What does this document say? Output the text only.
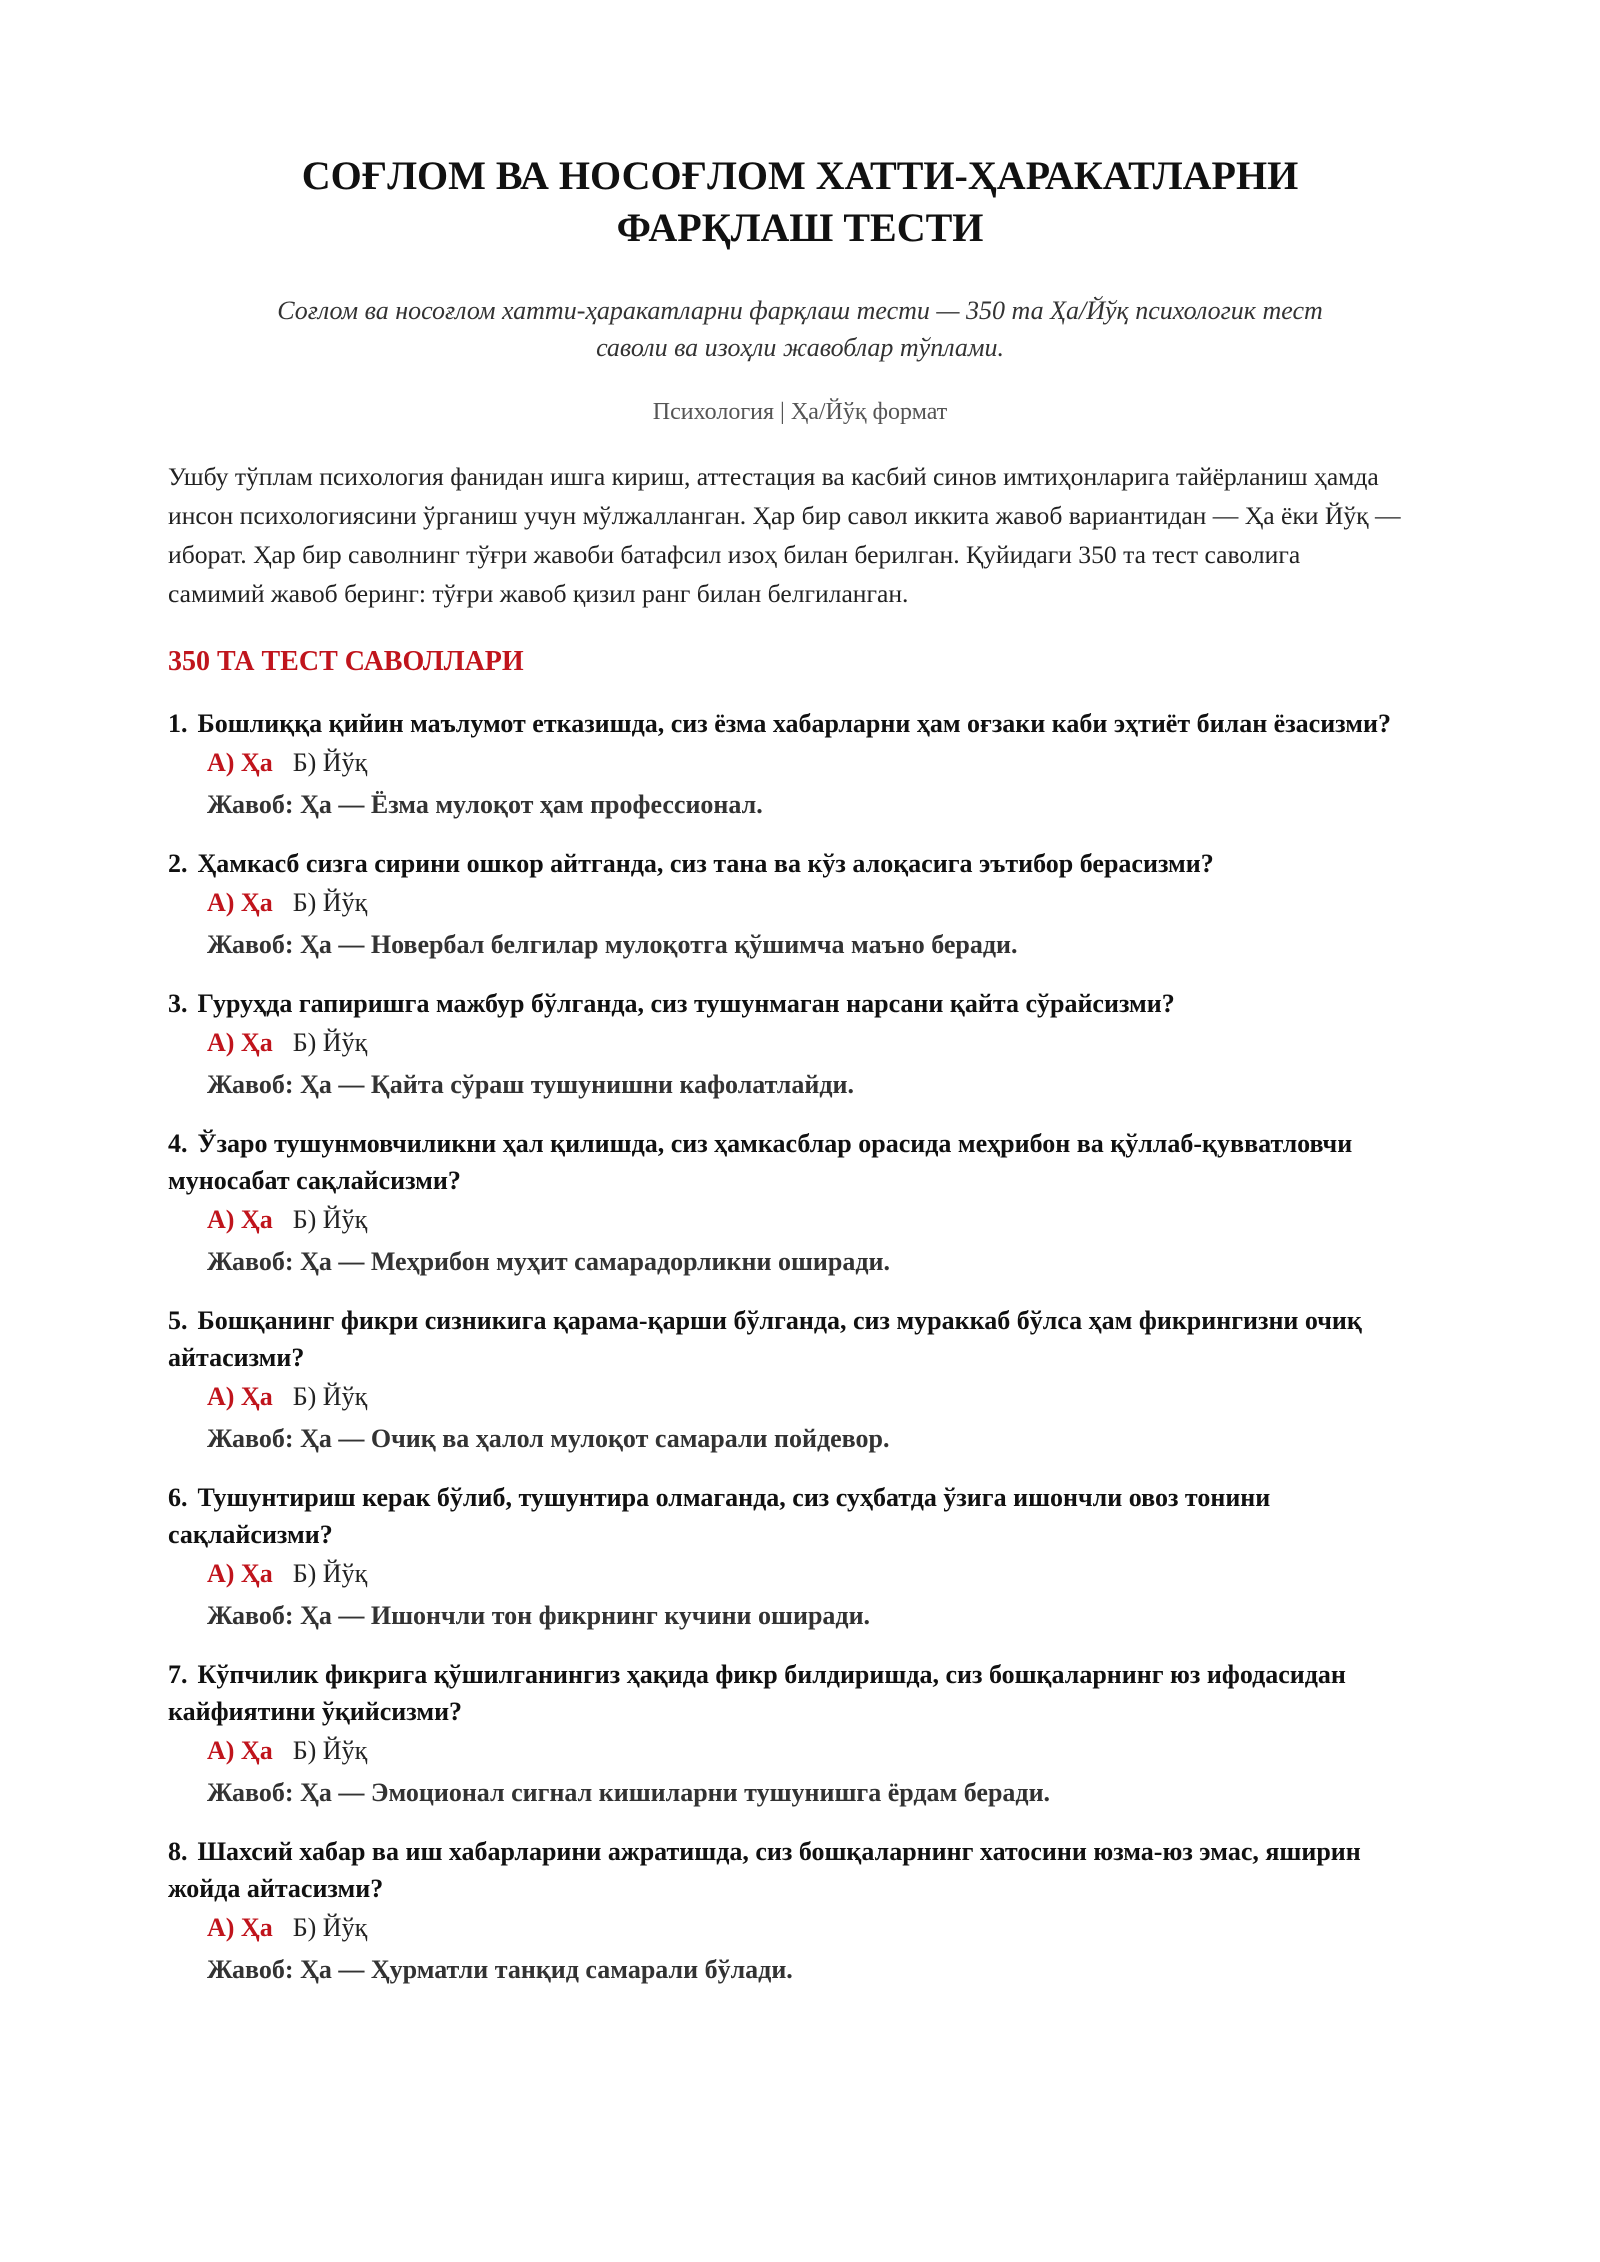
СОҒЛОМ ВА НОСОҒЛОМ ХАТТИ-ҲАРАКАТЛАРНИ ФАРҚЛАШ ТЕСТИ
Соғлом ва носоғлом хатти-ҳаракатларни фарқлаш тести — 350 та Ҳа/Йўқ психологик тест саволи ва изоҳли жавоблар тўплами.
Психология | Ҳа/Йўқ формат
Ушбу тўплам психология фанидан ишга кириш, аттестация ва касбий синов имтиҳонларига тайёрланиш ҳамда инсон психологиясини ўрганиш учун мўлжалланган. Ҳар бир савол иккита жавоб вариантидан — Ҳа ёки Йўқ — иборат. Ҳар бир саволнинг тўғри жавоби батафсил изоҳ билан берилган. Қуйидаги 350 та тест саволига самимий жавоб беринг: тўғри жавоб қизил ранг билан белгиланган.
350 ТА ТЕСТ САВОЛЛАРИ
1. Бошлиққа қийин маълумот етказишда, сиз ёзма хабарларни ҳам оғзаки каби эҳтиёт билан ёзасизми?
А) Ҳа Б) Йўқ
Жавоб: Ҳа — Ёзма мулоқот ҳам профессионал.
2. Ҳамкасб сизга сирини ошкор айтганда, сиз тана ва кўз алоқасига эътибор берасизми?
А) Ҳа Б) Йўқ
Жавоб: Ҳа — Новербал белгилар мулоқотга қўшимча маъно беради.
3. Гуруҳда гапиришга мажбур бўлганда, сиз тушунмаган нарсани қайта сўрайсизми?
А) Ҳа Б) Йўқ
Жавоб: Ҳа — Қайта сўраш тушунишни кафолатлайди.
4. Ўзаро тушунмовчиликни ҳал қилишда, сиз ҳамкасблар орасида меҳрибон ва қўллаб-қувватловчи муносабат сақлайсизми?
А) Ҳа Б) Йўқ
Жавоб: Ҳа — Меҳрибон муҳит самарадорликни оширади.
5. Бошқанинг фикри сизникига қарама-қарши бўлганда, сиз мураккаб бўлса ҳам фикрингизни очиқ айтасизми?
А) Ҳа Б) Йўқ
Жавоб: Ҳа — Очиқ ва ҳалол мулоқот самарали пойдевор.
6. Тушунтириш керак бўлиб, тушунтира олмаганда, сиз суҳбатда ўзига ишончли овоз тонини сақлайсизми?
А) Ҳа Б) Йўқ
Жавоб: Ҳа — Ишончли тон фикрнинг кучини оширади.
7. Кўпчилик фикрига қўшилганингиз ҳақида фикр билдиришда, сиз бошқаларнинг юз ифодасидан кайфиятини ўқийсизми?
А) Ҳа Б) Йўқ
Жавоб: Ҳа — Эмоционал сигнал кишиларни тушунишга ёрдам беради.
8. Шахсий хабар ва иш хабарларини ажратишда, сиз бошқаларнинг хатосини юзма-юз эмас, яширин жойда айтасизми?
А) Ҳа Б) Йўқ
Жавоб: Ҳа — Ҳурматли танқид самарали бўлади.
